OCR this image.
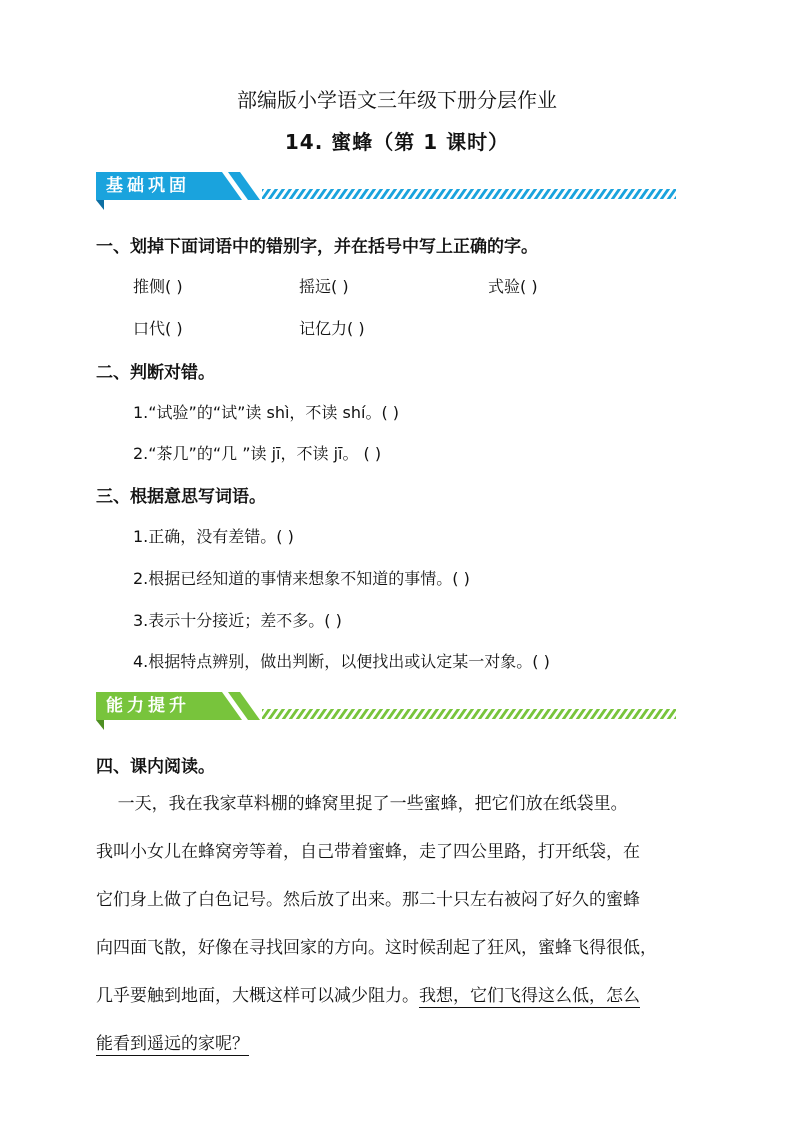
部编版小学语文三年级下册分层作业
14. 蜜蜂（第 1 课时）
基础巩固
一、划掉下面词语中的错别字，并在括号中写上正确的字。
推侧( )	摇远( )	式验( )
口代( )	记亿力( )
二、判断对错。
1.“试验”的“试”读 shì，不读 shí。( )
2.“茶几”的“几 ”读 jī，不读 jī。 ( )
三、根据意思写词语。
1.正确，没有差错。( )
2.根据已经知道的事情来想象不知道的事情。( )
3.表示十分接近；差不多。( )
4.根据特点辨别，做出判断，以便找出或认定某一对象。( )
能力提升
四、课内阅读。
一天，我在我家草料棚的蜂窝里捉了一些蜜蜂，把它们放在纸袋里。
我叫小女儿在蜂窝旁等着，自己带着蜜蜂，走了四公里路，打开纸袋，在
它们身上做了白色记号。然后放了出来。那二十只左右被闷了好久的蜜蜂
向四面飞散，好像在寻找回家的方向。这时候刮起了狂风，蜜蜂飞得很低，
几乎要触到地面，大概这样可以减少阻力。我想，它们飞得这么低，怎么
能看到遥远的家呢？
